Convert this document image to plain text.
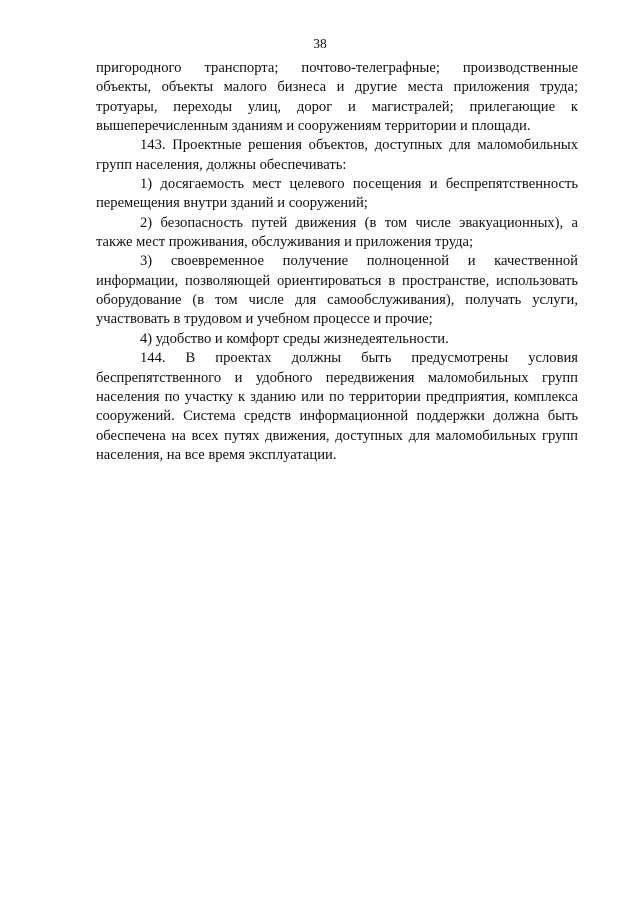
38

пригородного транспорта; почтово-телеграфные; производственные

объекты, объекты малого бизнеса и другие места приложения труда;

тротуары, переходы улиц, дорог и магистралей; прилегающие к

вышеперечисленным зданиям и сооружениям территории и площади.

143. Проектные решения объектов, доступных для маломобильных

групп населения, должны обеспечивать:

1) досягаемость мест целевого посещения и беспрепятственность

перемещения внутри зданий и сооружений;

2) безопасность путей движения (в том числе эвакуационных), а

также мест проживания, обслуживания и приложения труда;

3) своевременное получение полноценной и качественной

информации, позволяющей ориентироваться в пространстве, использовать

оборудование (в том числе для самообслуживания), получать услуги,

участвовать в трудовом и учебном процессе и прочие;

4) удобство и комфорт среды жизнедеятельности.

144. В проектах должны быть предусмотрены условия

беспрепятственного и удобного передвижения маломобильных групп

населения по участку к зданию или по территории предприятия, комплекса

сооружений. Система средств информационной поддержки должна быть

обеспечена на всех путях движения, доступных для маломобильных групп

населения, на все время эксплуатации.
